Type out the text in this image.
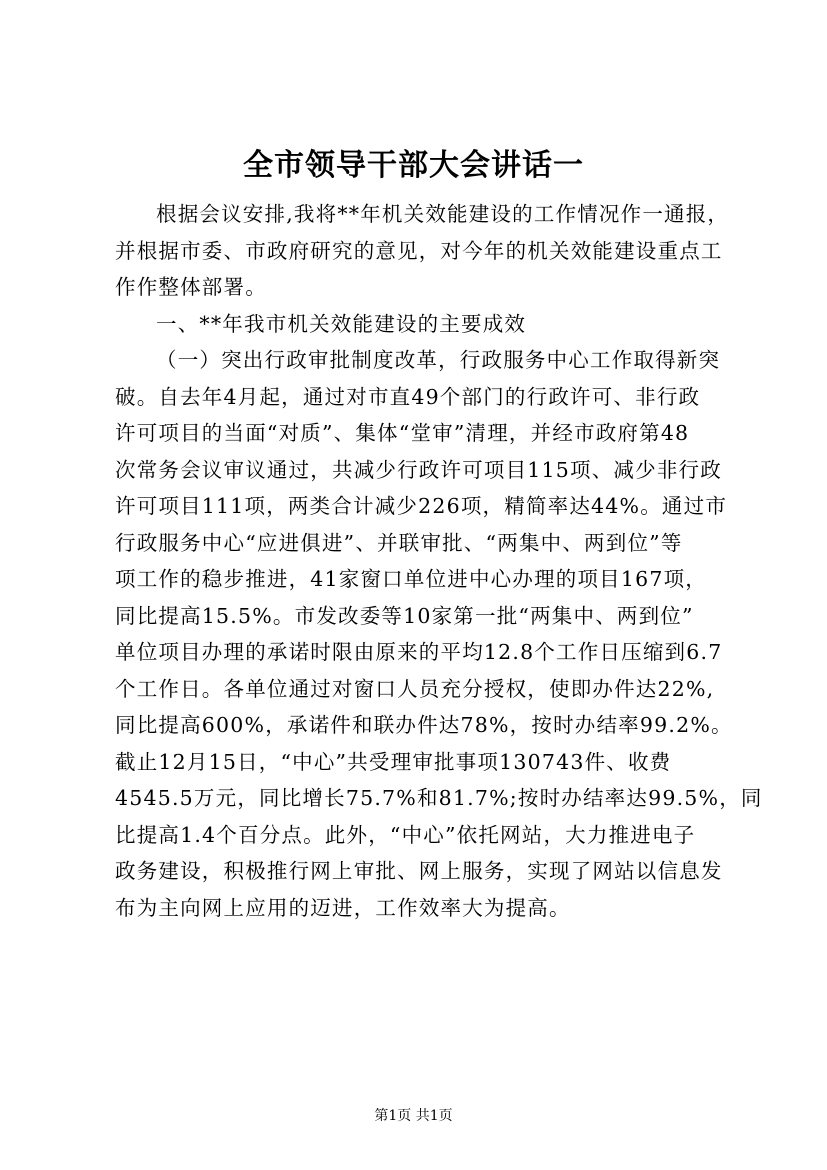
全市领导干部大会讲话一
根据会议安排,我将**年机关效能建设的工作情况作一通报，
并根据市委、市政府研究的意见，对今年的机关效能建设重点工
作作整体部署。
一、**年我市机关效能建设的主要成效
（一）突出行政审批制度改革，行政服务中心工作取得新突
破。自去年4月起，通过对市直49个部门的行政许可、非行政
许可项目的当面“对质”、集体“堂审”清理，并经市政府第48
次常务会议审议通过，共减少行政许可项目115项、减少非行政
许可项目111项，两类合计减少226项，精简率达44%。通过市
行政服务中心“应进俱进”、并联审批、“两集中、两到位”等
项工作的稳步推进，41家窗口单位进中心办理的项目167项，
同比提高15.5%。市发改委等10家第一批“两集中、两到位”
单位项目办理的承诺时限由原来的平均12.8个工作日压缩到6.7
个工作日。各单位通过对窗口人员充分授权，使即办件达22%,
同比提高600%，承诺件和联办件达78%，按时办结率99.2%。
截止12月15日，“中心”共受理审批事项130743件、收费
4545.5万元，同比增长75.7%和81.7%;按时办结率达99.5%，同
比提高1.4个百分点。此外，“中心”依托网站，大力推进电子
政务建设，积极推行网上审批、网上服务，实现了网站以信息发
布为主向网上应用的迈进，工作效率大为提高。
第1页 共1页
